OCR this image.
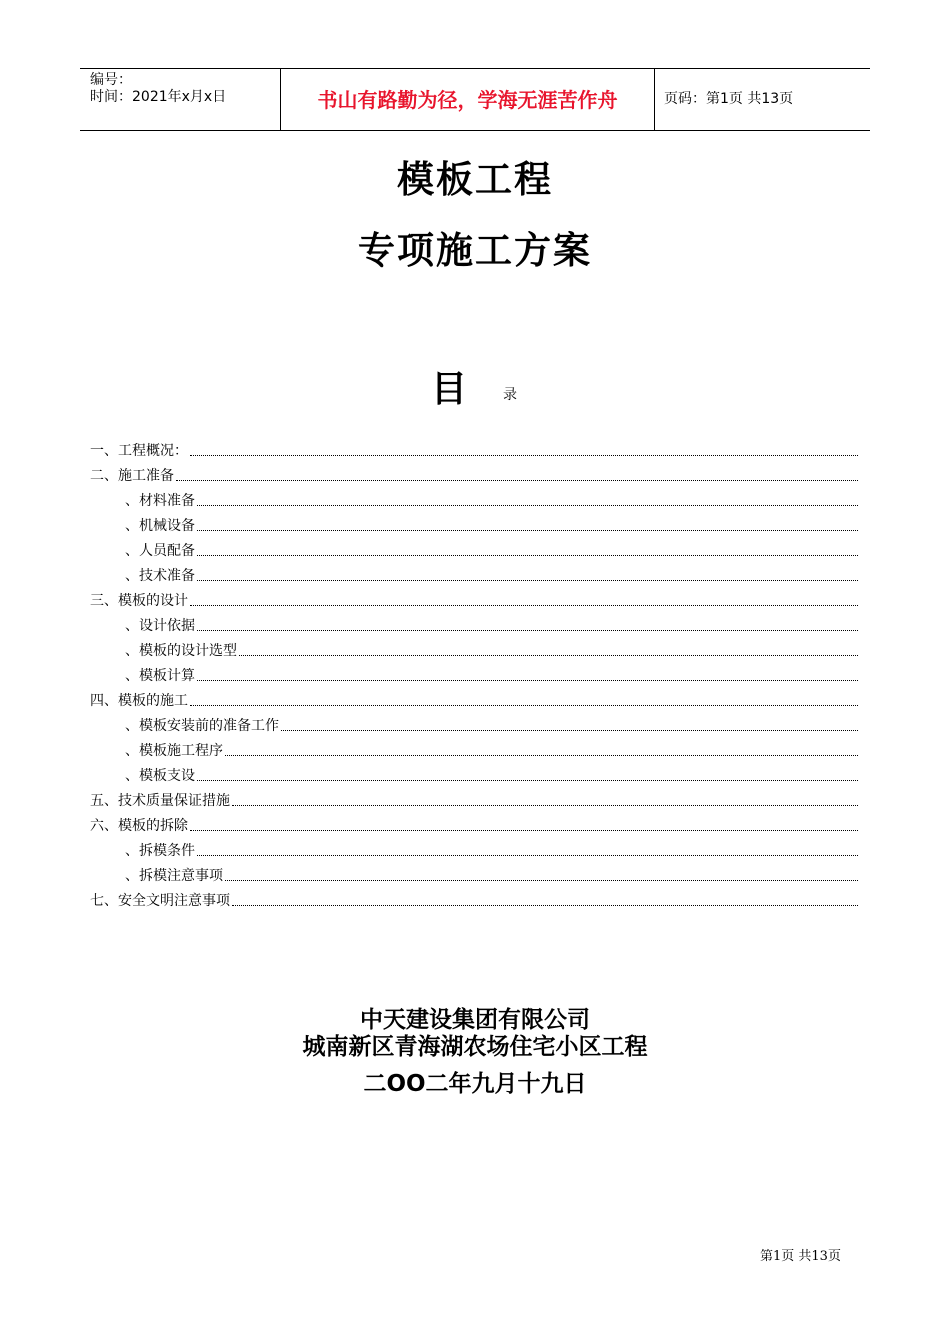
编号：
时间：2021年x月x日	书山有路勤为径，学海无涯苦作舟	页码：第1页 共13页
模板工程
专项施工方案
目	录
一、工程概况：
二、施工准备
、材料准备
、机械设备
、人员配备
、技术准备
三、模板的设计
、设计依据
、模板的设计选型
、模板计算
四、模板的施工
、模板安装前的准备工作
、模板施工程序
、模板支设
五、技术质量保证措施
六、模板的拆除
、拆模条件
、拆模注意事项
七、安全文明注意事项
中天建设集团有限公司
城南新区青海湖农场住宅小区工程
二OO二年九月十九日
第1页 共13页
